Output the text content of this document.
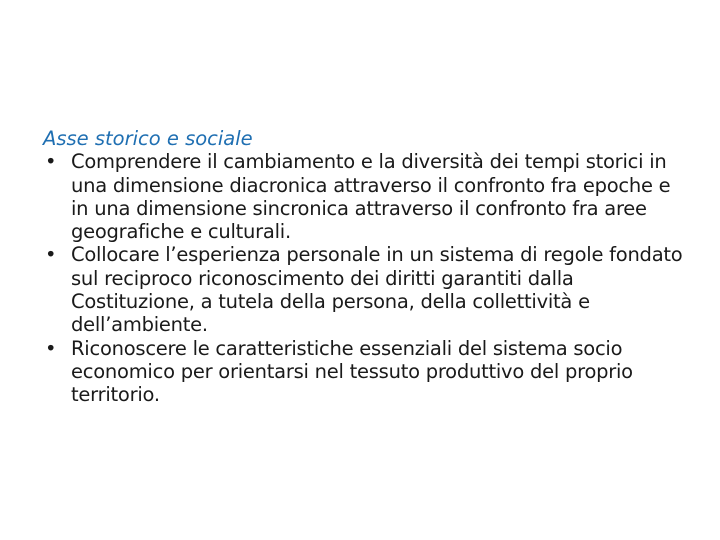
Asse storico e sociale
• Comprendere il cambiamento e la diversità dei tempi storici in una dimensione diacronica attraverso il confronto fra epoche e in una dimensione sincronica attraverso il confronto fra aree geografiche e culturali.
• Collocare l’esperienza personale in un sistema di regole fondato sul reciproco riconoscimento dei diritti garantiti dalla Costituzione, a tutela della persona, della collettività e dell’ambiente.
• Riconoscere le caratteristiche essenziali del sistema socio economico per orientarsi nel tessuto produttivo del proprio territorio.
